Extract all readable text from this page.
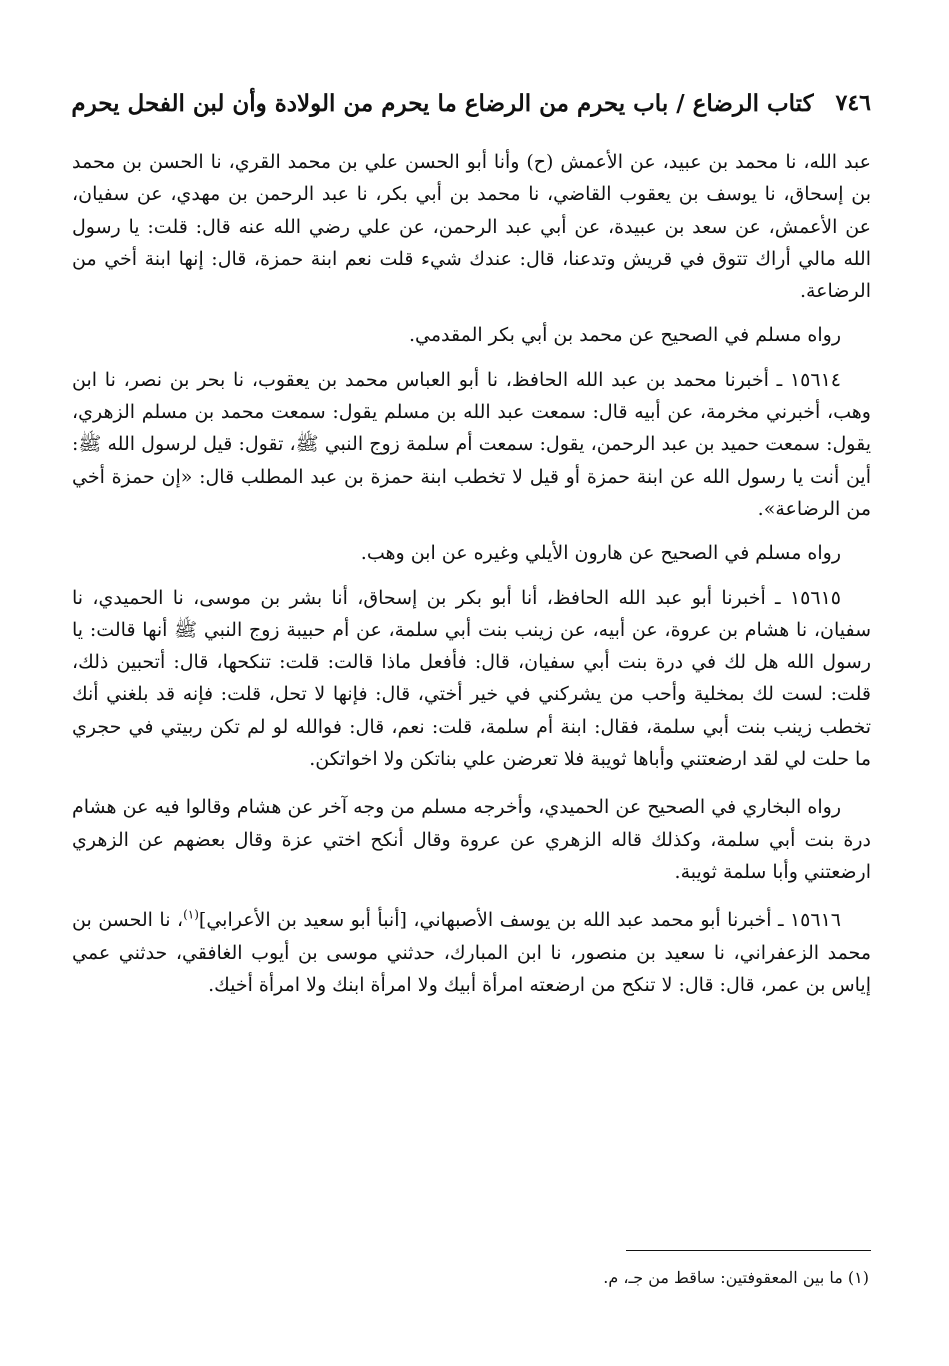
٧٤٦
كتاب الرضاع / باب يحرم من الرضاع ما يحرم من الولادة وأن لبن الفحل يحرم

عبد الله، نا محمد بن عبيد، عن الأعمش (ح) وأنا أبو الحسن علي بن محمد القري، نا الحسن بن محمد بن إسحاق، نا يوسف بن يعقوب القاضي، نا محمد بن أبي بكر، نا عبد الرحمن بن مهدي، عن سفيان، عن الأعمش، عن سعد بن عبيدة، عن أبي عبد الرحمن، عن علي رضي الله عنه قال: قلت: يا رسول الله مالي أراك تتوق في قريش وتدعنا، قال: عندك شيء قلت نعم ابنة حمزة، قال: إنها ابنة أخي من الرضاعة.

رواه مسلم في الصحيح عن محمد بن أبي بكر المقدمي.

١٥٦١٤ ـ أخبرنا محمد بن عبد الله الحافظ، نا أبو العباس محمد بن يعقوب، نا بحر بن نصر، نا ابن وهب، أخبرني مخرمة، عن أبيه قال: سمعت عبد الله بن مسلم يقول: سمعت محمد بن مسلم الزهري، يقول: سمعت حميد بن عبد الرحمن، يقول: سمعت أم سلمة زوج النبي ﷺ، تقول: قيل لرسول الله ﷺ: أين أنت يا رسول الله عن ابنة حمزة أو قيل لا تخطب ابنة حمزة بن عبد المطلب قال: «إن حمزة أخي من الرضاعة».

رواه مسلم في الصحيح عن هارون الأيلي وغيره عن ابن وهب.

١٥٦١٥ ـ أخبرنا أبو عبد الله الحافظ، أنا أبو بكر بن إسحاق، أنا بشر بن موسى، نا الحميدي، نا سفيان، نا هشام بن عروة، عن أبيه، عن زينب بنت أبي سلمة، عن أم حبيبة زوج النبي ﷺ أنها قالت: يا رسول الله هل لك في درة بنت أبي سفيان، قال: فأفعل ماذا قالت: قلت: تنكحها، قال: أتحبين ذلك، قلت: لست لك بمخلية وأحب من يشركني في خير أختي، قال: فإنها لا تحل، قلت: فإنه قد بلغني أنك تخطب زينب بنت أبي سلمة، فقال: ابنة أم سلمة، قلت: نعم، قال: فوالله لو لم تكن ربيتي في حجري ما حلت لي لقد ارضعتني وأباها ثويبة فلا تعرضن علي بناتكن ولا اخواتكن.

رواه البخاري في الصحيح عن الحميدي، وأخرجه مسلم من وجه آخر عن هشام وقالوا فيه عن هشام درة بنت أبي سلمة، وكذلك قاله الزهري عن عروة وقال أنكح اختي عزة وقال بعضهم عن الزهري ارضعتني وأبا سلمة ثويبة.

١٥٦١٦ ـ أخبرنا أبو محمد عبد الله بن يوسف الأصبهاني، [أنبأ أبو سعيد بن الأعرابي]$^{(١)}$، نا الحسن بن محمد الزعفراني، نا سعيد بن منصور، نا ابن المبارك، حدثني موسى بن أيوب الغافقي، حدثني عمي إياس بن عمر، قال: قال: لا تنكح من ارضعته امرأة أبيك ولا امرأة ابنك ولا امرأة أخيك.

(١) ما بين المعقوفتين: ساقط من جـ، م.
